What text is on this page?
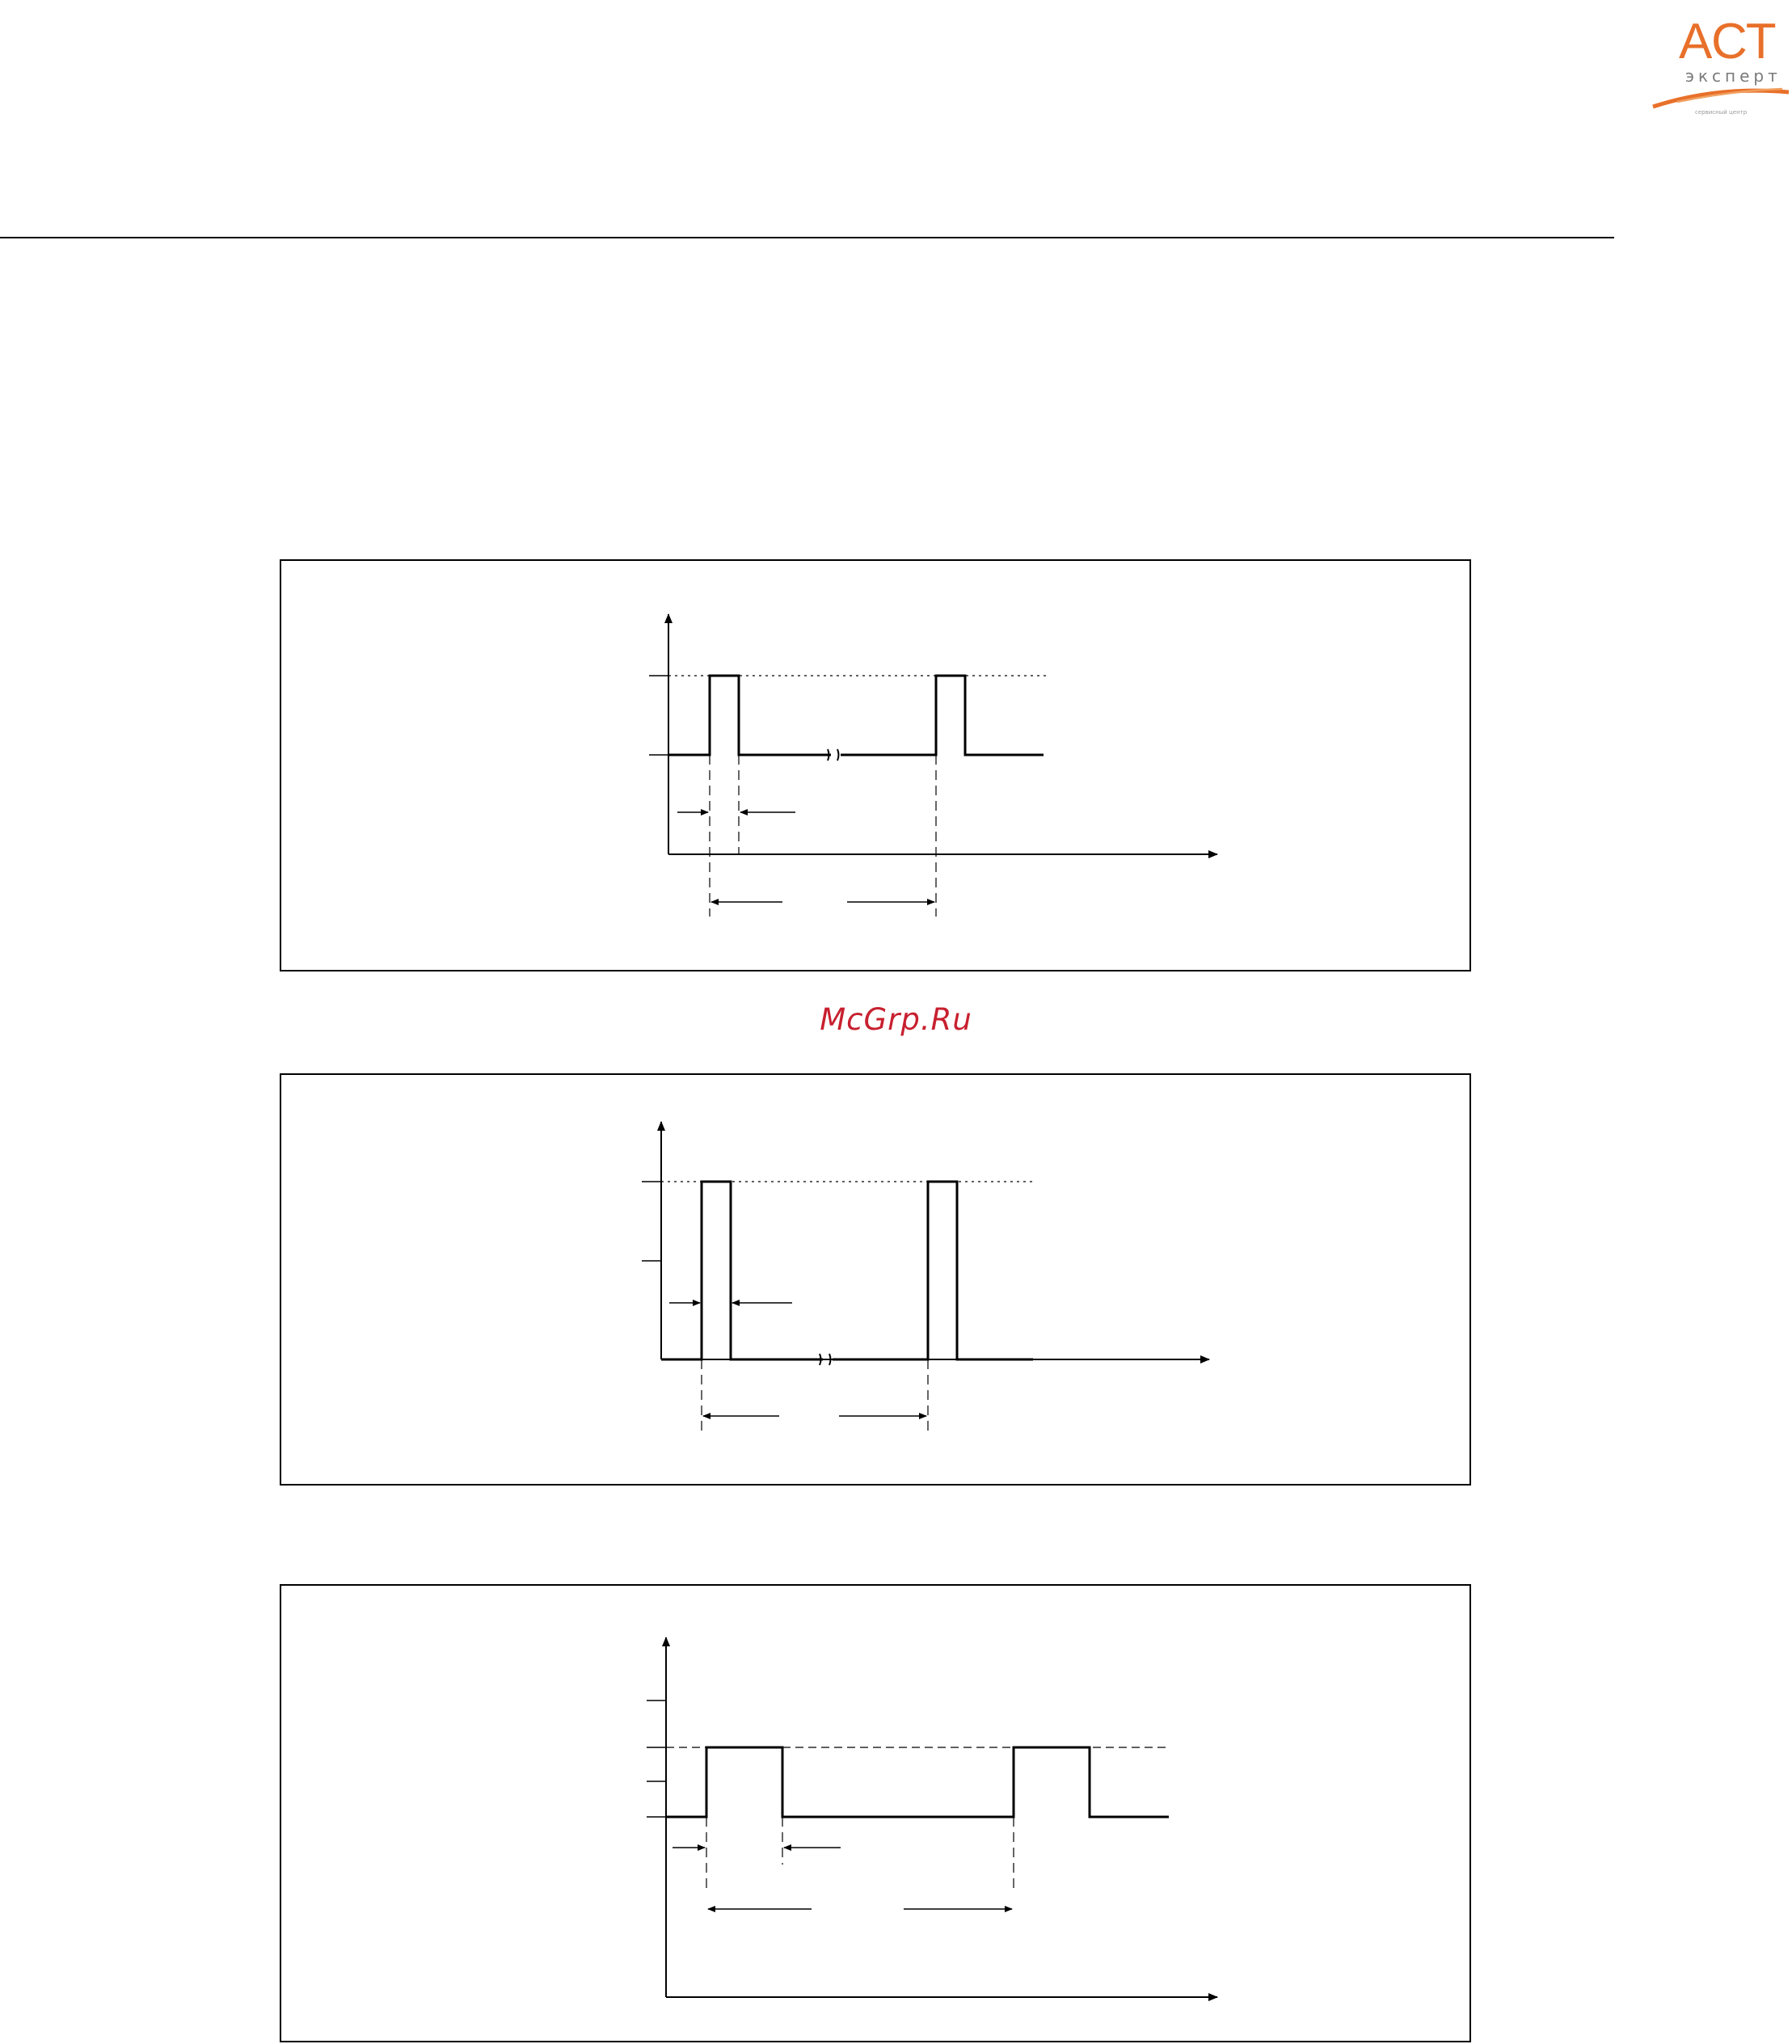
АСТ
эксперт
сервисный центр
McGrp.Ru
